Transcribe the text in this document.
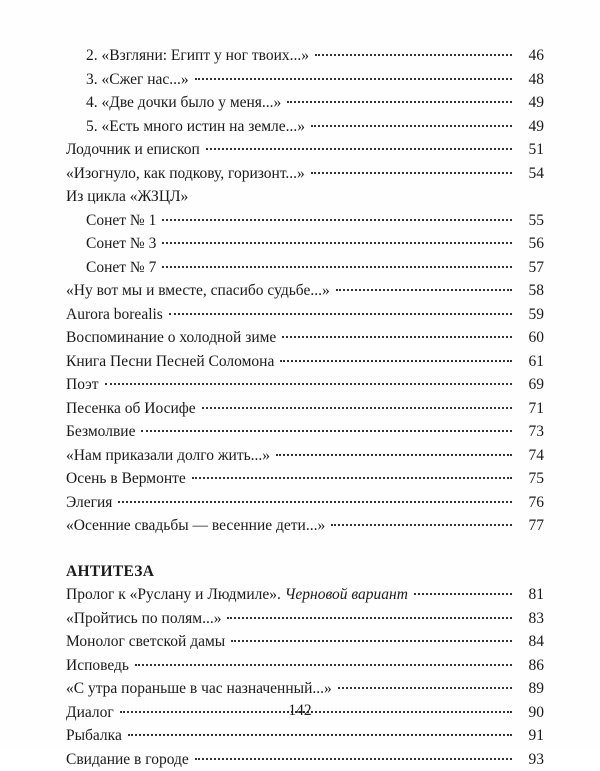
2. «Взгляни: Египт у ног твоих...»	46
3. «Сжег нас...»	48
4. «Две дочки было у меня...»	49
5. «Есть много истин на земле...»	49
Лодочник и епископ	51
«Изогнуло, как подкову, горизонт...»	54
Из цикла «ЖЗЦЛ»
Сонет № 1	55
Сонет № 3	56
Сонет № 7	57
«Ну вот мы и вместе, спасибо судьбе...»	58
Aurora borealis	59
Воспоминание о холодной зиме	60
Книга Песни Песней Соломона	61
Поэт	69
Песенка об Иосифе	71
Безмолвие	73
«Нам приказали долго жить...»	74
Осень в Вермонте	75
Элегия	76
«Осенние свадьбы — весенние дети...»	77
АНТИТЕЗА
Пролог к «Руслану и Людмиле». Черновой вариант	81
«Пройтись по полям...»	83
Монолог светской дамы	84
Исповедь	86
«С утра пораньше в час назначенный...»	89
Диалог	90
Рыбалка	91
Свидание в городе	93
142
